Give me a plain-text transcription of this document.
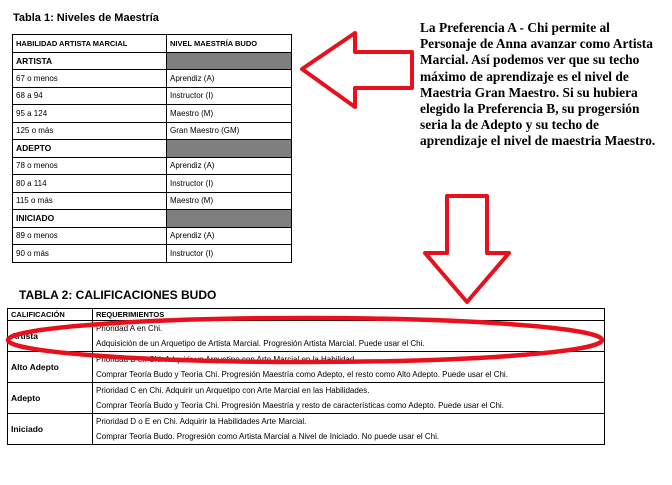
Tabla 1: Niveles de Maestría
HABILIDAD ARTISTA MARCIAL	NIVEL MAESTRÍA BUDO
ARTISTA	
67 o menos	Aprendiz (A)
68 a 94	Instructor (I)
95 a 124	Maestro (M)
125 o más	Gran Maestro (GM)
ADEPTO	
78 o menos	Aprendiz (A)
80 a 114	Instructor (I)
115 o más	Maestro (M)
INICIADO	
89 o menos	Aprendiz (A)
90 o más	Instructor (I)
La Preferencia A - Chi permite al Personaje de Anna avanzar como Artista Marcial. Así podemos ver que su techo máximo de aprendizaje es el nivel de Maestria Gran Maestro. Si su hubiera elegido la Preferencia B, su progersión seria la de Adepto y su techo de aprendizaje el nivel de maestria Maestro.
TABLA 2: CALIFICACIONES BUDO
CALIFICACIÓN	REQUERIMIENTOS
Artista	Prioridad A en Chi.
Adquisición de un Arquetipo de Artista Marcial. Progresión Artista Marcial. Puede usar el Chi.

Alto Adepto	Prioridad B en Chi. Adquirir un Arquetipo con Arte Marcial en la Habilidad.
Comprar Teoría Budo y Teoría Chi. Progresión Maestría como Adepto, el resto como Alto Adepto. Puede usar el Chi.

Adepto	Prioridad C en Chi. Adquirir un Arquetipo con Arte Marcial en las Habilidades.
Comprar Teoría Budo y Teoría Chi. Progresión Maestría y resto de características como Adepto. Puede usar el Chi.

Iniciado	Prioridad D o E en Chi. Adquirir la Habilidades Arte Marcial.
Comprar Teoría Budo. Progresión como Artista Marcial a Nivel de Iniciado. No puede usar el Chi.
